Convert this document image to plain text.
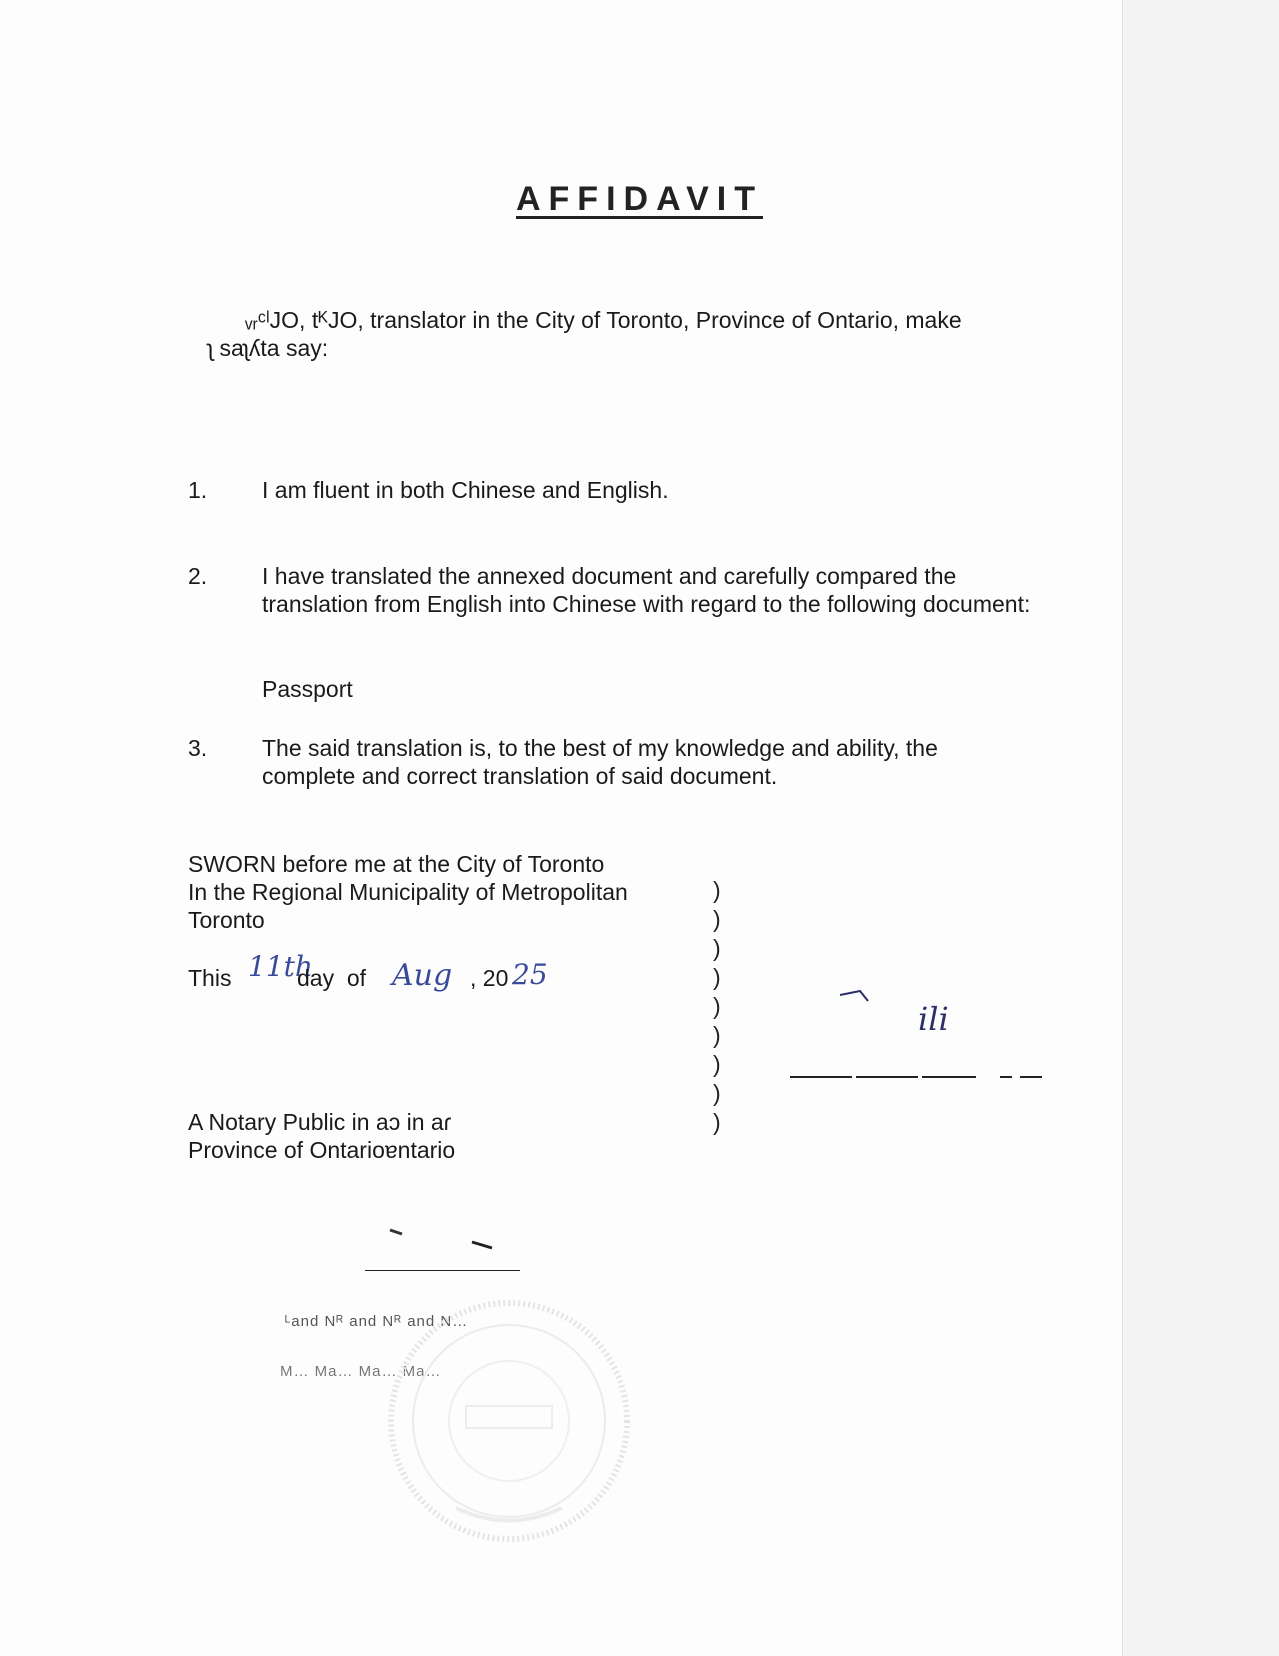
AFFIDAVIT
ᵥᵣᶜˡJO, tᴷJO, translator in the City of Toronto, Province of Ontario, make
ʅ saʅʎta say:
1. I am fluent in both Chinese and English.
2. I have translated the annexed document and carefully compared the translation from English into Chinese with regard to the following document:
Passport
3. The said translation is, to the best of my knowledge and ability, the complete and correct translation of said document.
SWORN before me at the City of Toronto
In the Regional Municipality of Metropolitan
Toronto
This 11th
day  of Aug , 20 25
A Notary Public in aɔ in aɾ
Province of Ontarioɐntario
)
)
)
)
)
)
)
)
)
ili
ᴸand Nᴿ and Nᴿ and N…
M… Ma… Ma… Ma…
